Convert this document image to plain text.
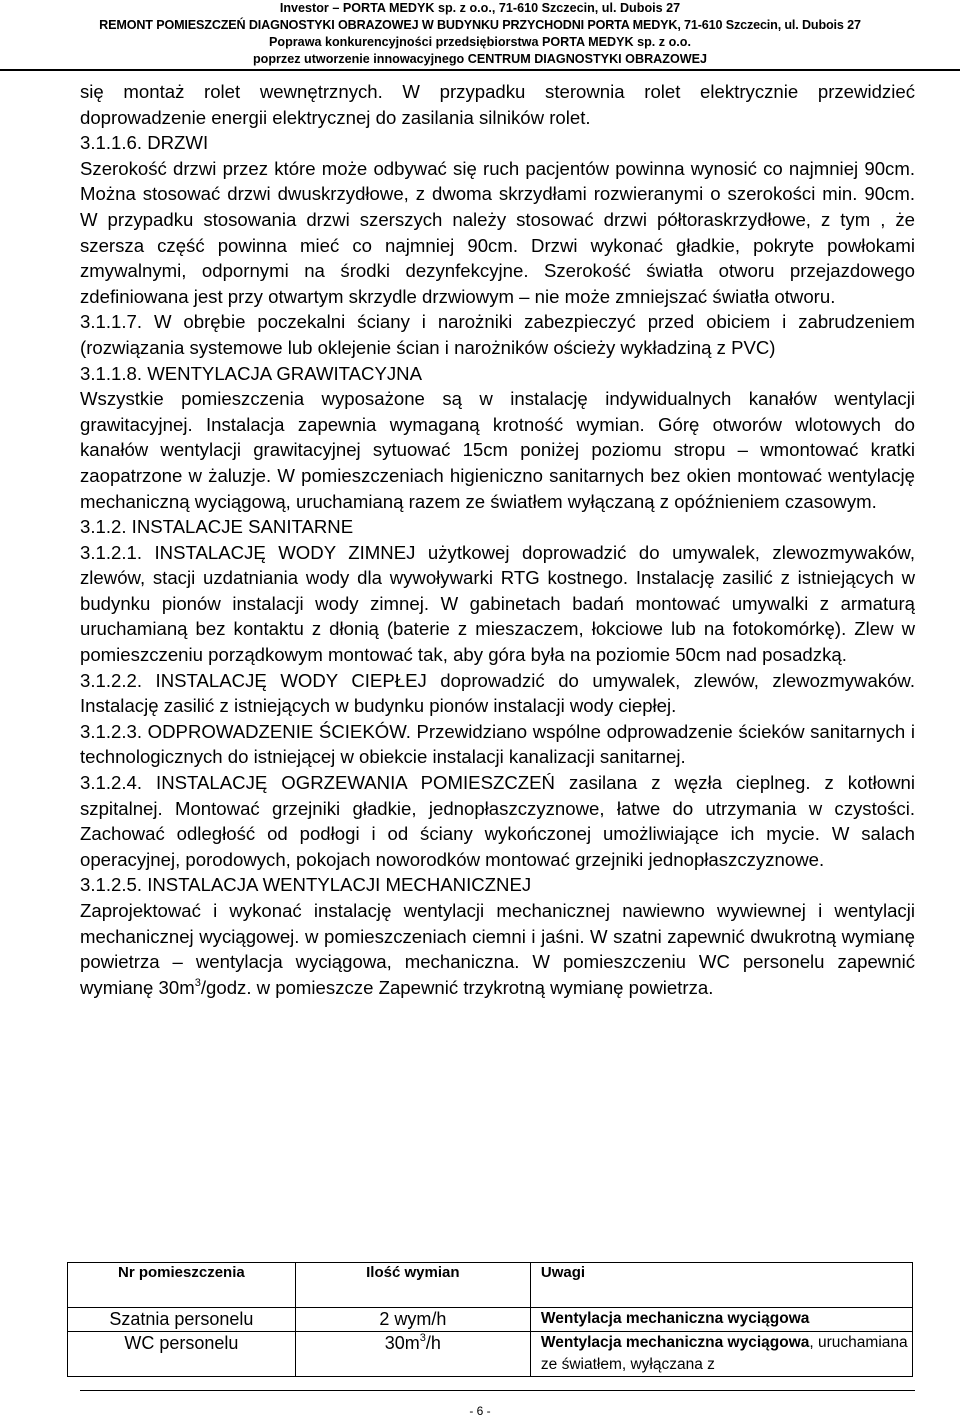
Investor – PORTA MEDYK sp. z o.o., 71-610 Szczecin, ul. Dubois 27
REMONT POMIESZCZEŃ DIAGNOSTYKI OBRAZOWEJ W BUDYNKU PRZYCHODNI PORTA MEDYK, 71-610 Szczecin, ul. Dubois 27
Poprawa konkurencyjności przedsiębiorstwa PORTA MEDYK sp. z o.o.
poprzez utworzenie innowacyjnego CENTRUM DIAGNOSTYKI OBRAZOWEJ

się montaż rolet wewnętrznych. W przypadku sterownia rolet elektrycznie przewidzieć doprowadzenie energii elektrycznej do zasilania silników rolet.

3.1.1.6. DRZWI

Szerokość drzwi przez które może odbywać się ruch pacjentów powinna wynosić co najmniej 90cm. Można stosować drzwi dwuskrzydłowe, z dwoma skrzydłami rozwieranymi o szerokości min. 90cm. W przypadku stosowania drzwi szerszych należy stosować drzwi półtoraskrzydłowe, z tym , że szersza część powinna mieć co najmniej 90cm. Drzwi wykonać gładkie, pokryte powłokami zmywalnymi, odpornymi na środki dezynfekcyjne. Szerokość światła otworu przejazdowego zdefiniowana jest przy otwartym skrzydle drzwiowym – nie może zmniejszać światła otworu.

3.1.1.7. W obrębie poczekalni ściany i narożniki zabezpieczyć przed obiciem i zabrudzeniem (rozwiązania systemowe lub oklejenie ścian i narożników ościeży wykładziną z PVC)

3.1.1.8. WENTYLACJA GRAWITACYJNA

Wszystkie pomieszczenia wyposażone są w instalację indywidualnych kanałów wentylacji grawitacyjnej. Instalacja zapewnia wymaganą krotność wymian. Górę otworów wlotowych do kanałów wentylacji grawitacyjnej sytuować 15cm poniżej poziomu stropu – wmontować kratki zaopatrzone w żaluzje. W pomieszczeniach higieniczno sanitarnych bez okien montować wentylację mechaniczną wyciągową, uruchamianą razem ze światłem wyłączaną z opóźnieniem czasowym.

3.1.2. INSTALACJE SANITARNE

3.1.2.1. INSTALACJĘ WODY ZIMNEJ użytkowej doprowadzić do umywalek, zlewozmywaków, zlewów, stacji uzdatniania wody dla wywoływarki RTG kostnego. Instalację zasilić z istniejących w budynku pionów instalacji wody zimnej. W gabinetach badań montować umywalki z armaturą uruchamianą bez kontaktu z dłonią (baterie z mieszaczem, łokciowe lub na fotokomórkę). Zlew w pomieszczeniu porządkowym montować tak, aby góra była na poziomie 50cm nad posadzką.

3.1.2.2. INSTALACJĘ WODY CIEPŁEJ doprowadzić do umywalek, zlewów, zlewozmywaków. Instalację zasilić z istniejących w budynku pionów instalacji wody ciepłej.

3.1.2.3. ODPROWADZENIE ŚCIEKÓW. Przewidziano wspólne odprowadzenie ścieków sanitarnych i technologicznych do istniejącej w obiekcie instalacji kanalizacji sanitarnej.

3.1.2.4. INSTALACJĘ OGRZEWANIA POMIESZCZEŃ zasilana z węzła cieplneg. z kotłowni szpitalnej. Montować grzejniki gładkie, jednopłaszczyznowe, łatwe do utrzymania w czystości. Zachować odległość od podłogi i od ściany wykończonej umożliwiające ich mycie. W salach operacyjnej, porodowych, pokojach noworodków montować grzejniki jednopłaszczyznowe.

3.1.2.5. INSTALACJA WENTYLACJI MECHANICZNEJ

Zaprojektować i wykonać instalację wentylacji mechanicznej nawiewno wywiewnej i wentylacji mechanicznej wyciągowej. w pomieszczeniach ciemni i jaśni. W szatni zapewnić dwukrotną wymianę powietrza – wentylacja wyciągowa, mechaniczna. W pomieszczeniu WC personelu zapewnić wymianę $30m^3$/godz. w pomieszcze Zapewnić trzykrotną wymianę powietrza.

Nr pomieszczenia	Ilość wymian	Uwagi
Szatnia personelu	2 wym/h	Wentylacja mechaniczna wyciągowa
WC personelu	$30m^3/h$	Wentylacja mechaniczna wyciągowa, uruchamiana ze światłem, wyłączana z
- 6 -
